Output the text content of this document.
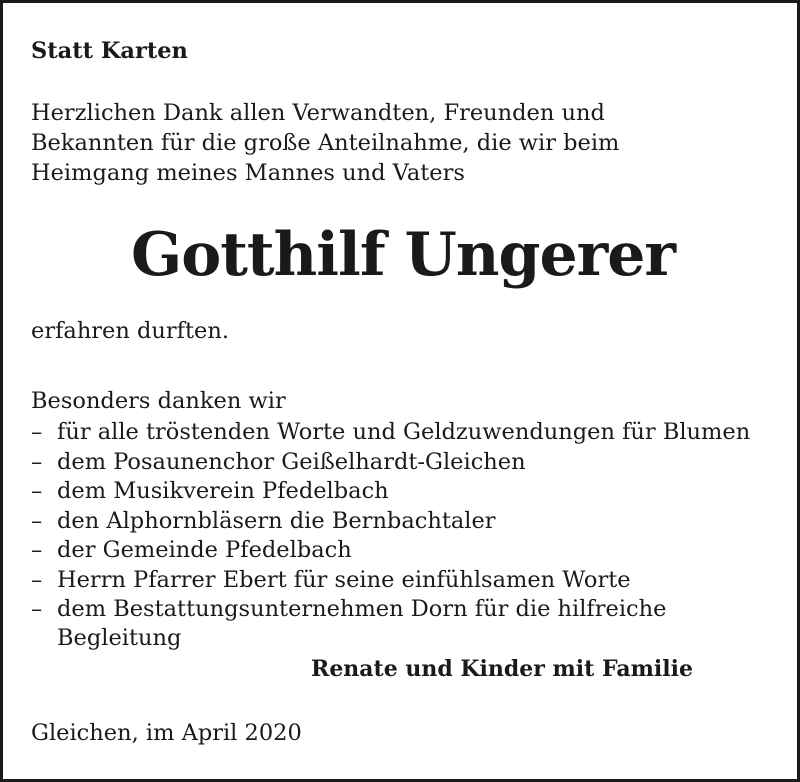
Statt Karten
Herzlichen Dank allen Verwandten, Freunden und
Bekannten für die große Anteilnahme, die wir beim
Heimgang meines Mannes und Vaters
Gotthilf Ungerer
erfahren durften.
Besonders danken wir
– für alle tröstenden Worte und Geldzuwendungen für Blumen
– dem Posaunenchor Geißelhardt-Gleichen
– dem Musikverein Pfedelbach
– den Alphornbläsern die Bernbachtaler
– der Gemeinde Pfedelbach
– Herrn Pfarrer Ebert für seine einfühlsamen Worte
– dem Bestattungsunternehmen Dorn für die hilfreiche
Begleitung
Renate und Kinder mit Familie
Gleichen, im April 2020
